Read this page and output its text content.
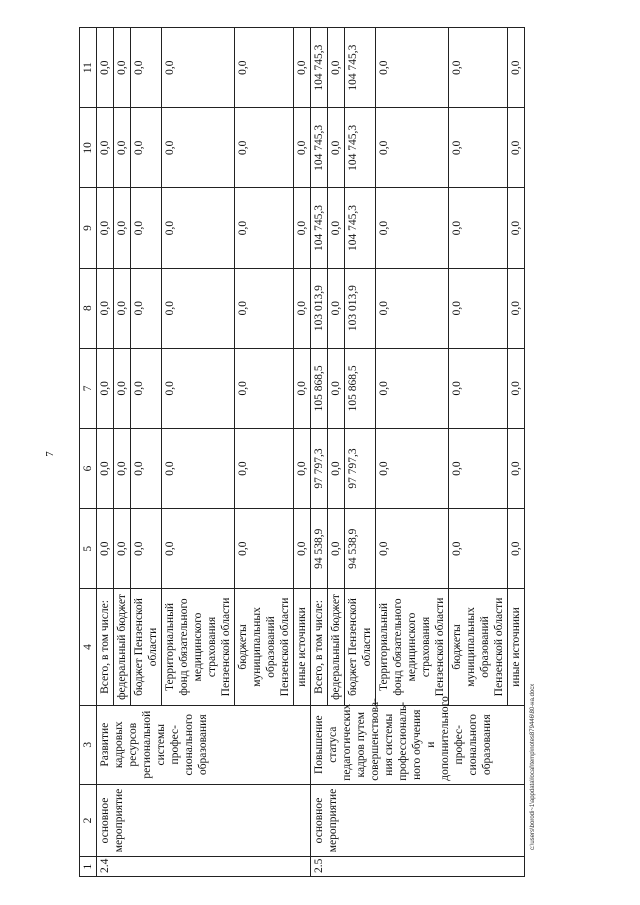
7
1	2	3	4	5	6	7	8	9	10	11
2.4	основное мероприятие	Развитие кадровых ресурсов региональной системы профес-сионального образования	Всего, в том числе:	0,0	0,0	0,0	0,0	0,0	0,0	0,0
			федеральный бюджет	0,0	0,0	0,0	0,0	0,0	0,0	0,0
			бюджет Пензенской области	0,0	0,0	0,0	0,0	0,0	0,0	0,0
			Территориальный фонд обязательного медицинского страхования Пензенской области	0,0	0,0	0,0	0,0	0,0	0,0	0,0
			бюджеты муниципальных образований Пензенской области	0,0	0,0	0,0	0,0	0,0	0,0	0,0
			иные источники	0,0	0,0	0,0	0,0	0,0	0,0	0,0
2.5	основное мероприятие	Повышение статуса педагогических кадров путем совершенствова-ния системы профессиональ-ного обучения и дополнительного профес-сионального образования	Всего, в том числе:	94 538,9	97 797,3	105 868,5	103 013,9	104 745,3	104 745,3	104 745,3
			федеральный бюджет	0,0	0,0	0,0	0,0	0,0	0,0	0,0
			бюджет Пензенской области	94 538,9	97 797,3	105 868,5	103 013,9	104 745,3	104 745,3	104 745,3
			Территориальный фонд обязательного медицинского страхования Пензенской области	0,0	0,0	0,0	0,0	0,0	0,0	0,0
			бюджеты муниципальных образований Пензенской области	0,0	0,0	0,0	0,0	0,0	0,0	0,0
			иные источники	0,0	0,0	0,0	0,0	0,0	0,0	0,0
c:\users\borodi~1\appdata\local\temp\notes879446\80-на.docx
